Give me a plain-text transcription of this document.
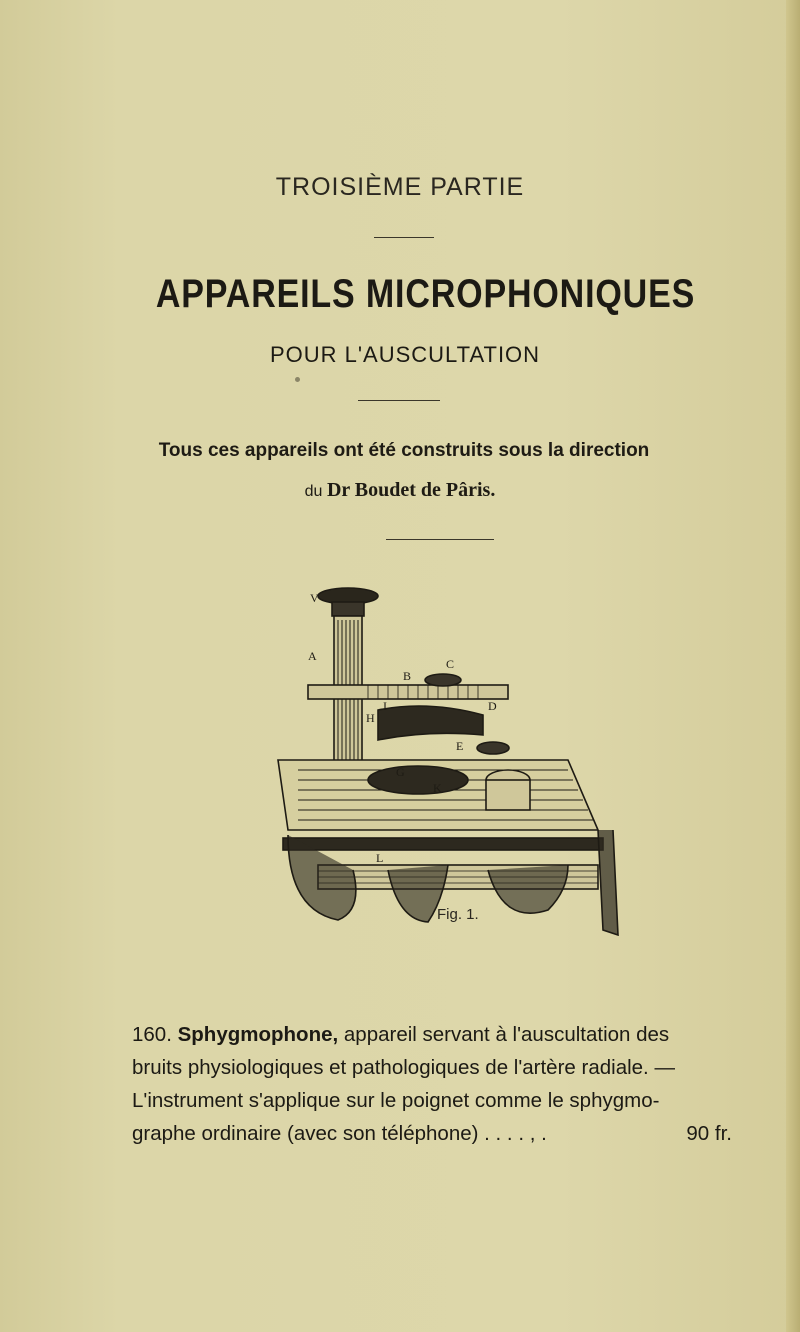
TROISIÈME PARTIE
APPAREILS MICROPHONIQUES
POUR L'AUSCULTATION
Tous ces appareils ont été construits sous la direction
du Dr Boudet de Pâris.
V
A
C
B
D
H
I
E
G
K
L
Fig. 1.
160. Sphygmophone, appareil servant à l'auscultation des
bruits physiologiques et pathologiques de l'artère radiale. —
L'instrument s'applique sur le poignet comme le sphygmo-
graphe ordinaire (avec son téléphone) . . . . , .	90 fr.
